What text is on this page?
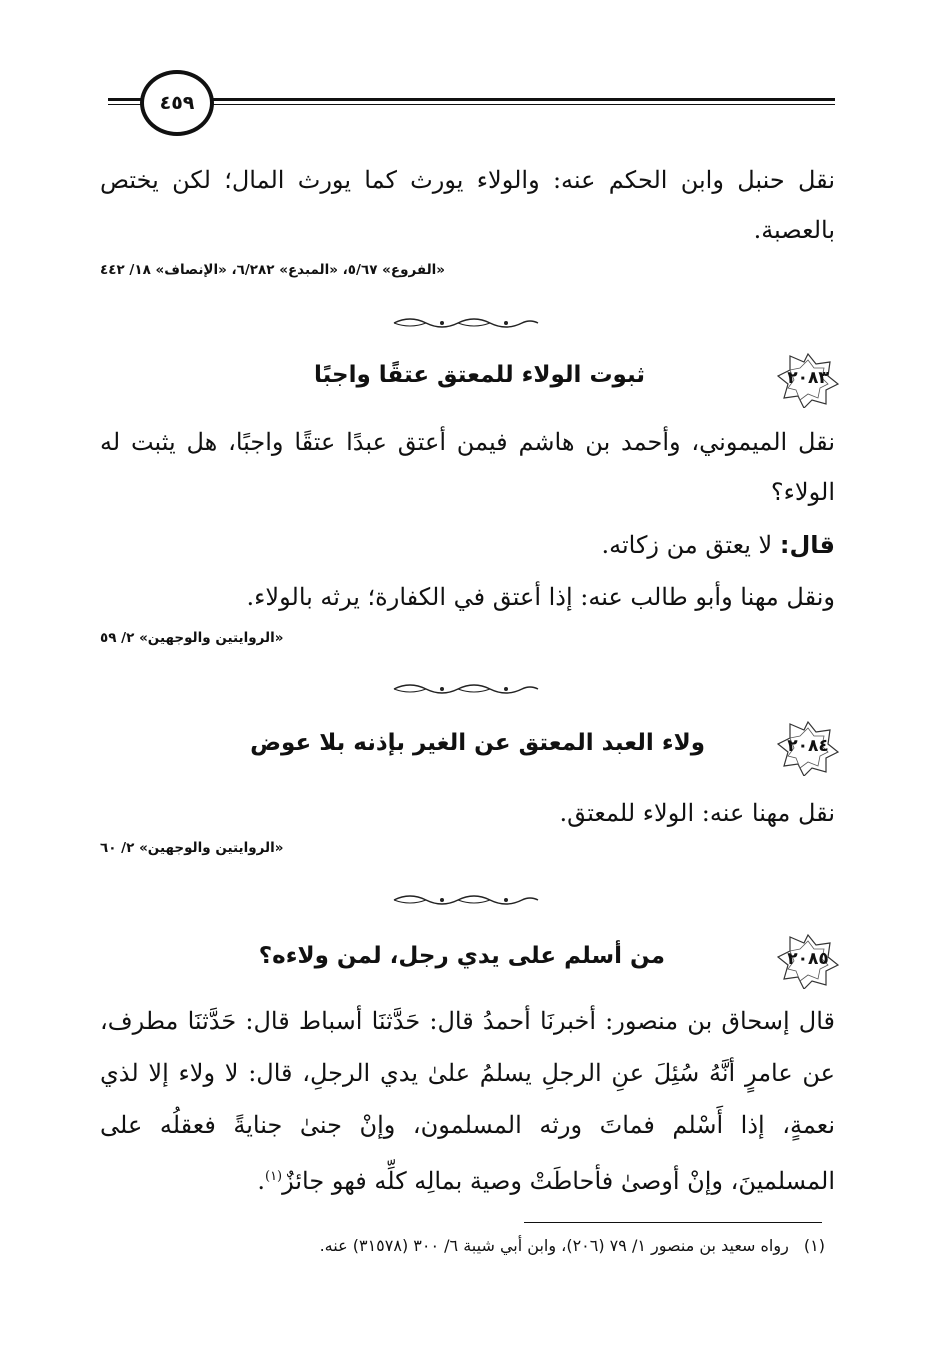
٤٥٩
نقل حنبل وابن الحكم عنه: والولاء يورث كما يورث المال؛ لكن يختص بالعصبة.
«الفروع» ٥/٦٧، «المبدع» ٦/٢٨٢، «الإنصاف» ١٨/ ٤٤٢
٢٠٨٣
ثبوت الولاء للمعتق عتقًا واجبًا
نقل الميموني، وأحمد بن هاشم فيمن أعتق عبدًا عتقًا واجبًا، هل يثبت له الولاء؟
قال: لا يعتق من زكاته.
ونقل مهنا وأبو طالب عنه: إذا أعتق في الكفارة؛ يرثه بالولاء.
«الروايتين والوجهين» ٢/ ٥٩
٢٠٨٤
ولاء العبد المعتق عن الغير بإذنه بلا عوض
نقل مهنا عنه: الولاء للمعتق.
«الروايتين والوجهين» ٢/ ٦٠
٢٠٨٥
من أسلم على يدي رجل، لمن ولاءه؟
قال إسحاق بن منصور: أخبرنَا أحمدُ قال: حَدَّثنَا أسباط قال: حَدَّثنَا مطرف، عن عامرٍ أنَّهُ سُئِلَ عنِ الرجلِ يسلمُ علىٰ يدي الرجلِ، قال: لا ولاء إلا لذي نعمةٍ، إذا أَسْلم فماتَ ورثه المسلمون، وإنْ جنىٰ جنايةً فعقلُه على المسلمينَ، وإنْ أوصىٰ فأحاطَتْ وصية بمالِه كلِّه فهو جائزٌ$^{(١)}$.
(١) رواه سعيد بن منصور ١/ ٧٩ (٢٠٦)، وابن أبي شيبة ٦/ ٣٠٠ (٣١٥٧٨) عنه.
